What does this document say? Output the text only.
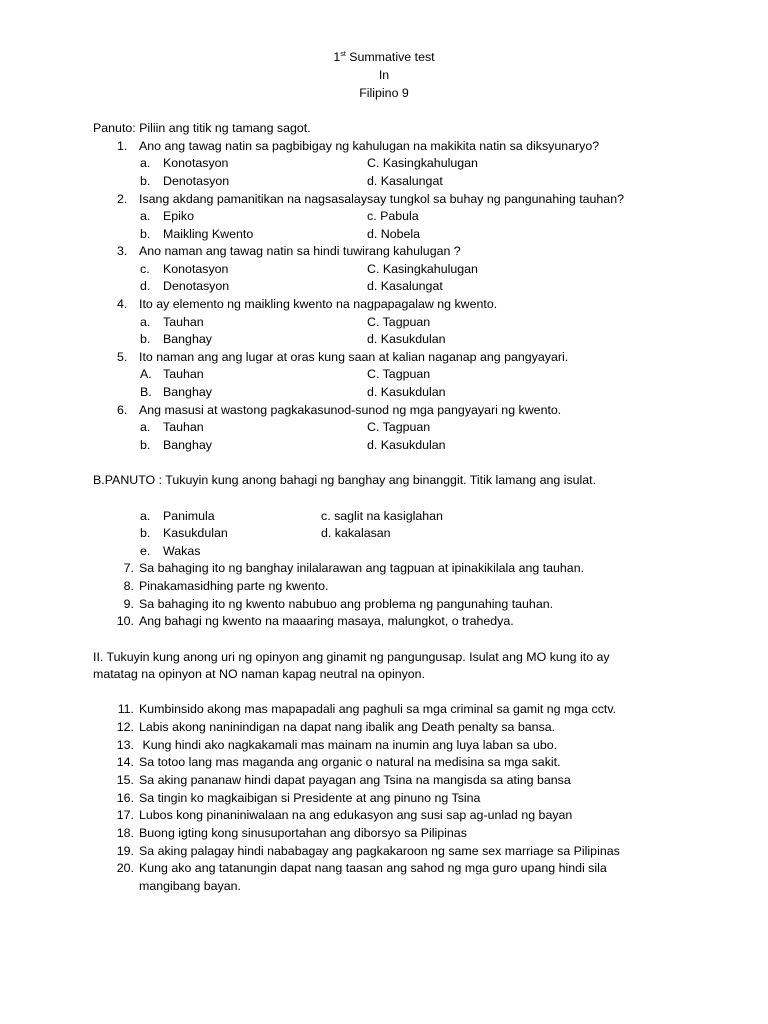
1st Summative test
In
Filipino 9
Panuto: Piliin ang titik ng tamang sagot.
1. Ano ang tawag natin sa pagbibigay ng kahulugan na makikita natin sa diksyunaryo?
a. Konotasyon
b. Denotasyon
C. Kasingkahulugan
d. Kasalungat
2. Isang akdang pamanitikan na nagsasalaysay tungkol sa buhay ng pangunahing tauhan?
a. Epiko
b. Maikling Kwento
c. Pabula
d. Nobela
3. Ano naman ang tawag natin sa hindi tuwirang kahulugan ?
c. Konotasyon
d. Denotasyon
C. Kasingkahulugan
d. Kasalungat
4. Ito ay elemento ng maikling kwento na nagpapagalaw ng kwento.
a. Tauhan
b. Banghay
C. Tagpuan
d. Kasukdulan
5. Ito naman ang ang lugar at oras kung saan at kalian naganap ang pangyayari.
A. Tauhan
B. Banghay
C. Tagpuan
d. Kasukdulan
6. Ang masusi at wastong pagkakasunod-sunod ng mga pangyayari ng kwento.
a. Tauhan
b. Banghay
C. Tagpuan
d. Kasukdulan
B.PANUTO : Tukuyin kung anong bahagi ng banghay ang binanggit. Titik lamang ang isulat.
a. Panimula
b. Kasukdulan
e. Wakas
c. saglit na kasiglahan
d. kakalasan
7. Sa bahaging ito ng banghay inilalarawan ang tagpuan at ipinakikilala ang tauhan.
8. Pinakamasidhing parte ng kwento.
9. Sa bahaging ito ng kwento nabubuo ang problema ng pangunahing tauhan.
10. Ang bahagi ng kwento na maaaring masaya, malungkot, o trahedya.
II. Tukuyin kung anong uri ng opinyon ang ginamit ng pangungusap. Isulat ang MO kung ito ay
matatag na opinyon at NO naman kapag neutral na opinyon.
11. Kumbinsido akong mas mapapadali ang paghuli sa mga criminal sa gamit ng mga cctv.
12. Labis akong naninindigan na dapat nang ibalik ang Death penalty sa bansa.
13. Kung hindi ako nagkakamali mas mainam na inumin ang luya laban sa ubo.
14. Sa totoo lang mas maganda ang organic o natural na medisina sa mga sakit.
15. Sa aking pananaw hindi dapat payagan ang Tsina na mangisda sa ating bansa
16. Sa tingin ko magkaibigan si Presidente at ang pinuno ng Tsina
17. Lubos kong pinaniniwalaan na ang edukasyon ang susi sap ag-unlad ng bayan
18. Buong igting kong sinusuportahan ang diborsyo sa Pilipinas
19. Sa aking palagay hindi nababagay ang pagkakaroon ng same sex marriage sa Pilipinas
20. Kung ako ang tatanungin dapat nang taasan ang sahod ng mga guro upang hindi sila
mangibang bayan.
